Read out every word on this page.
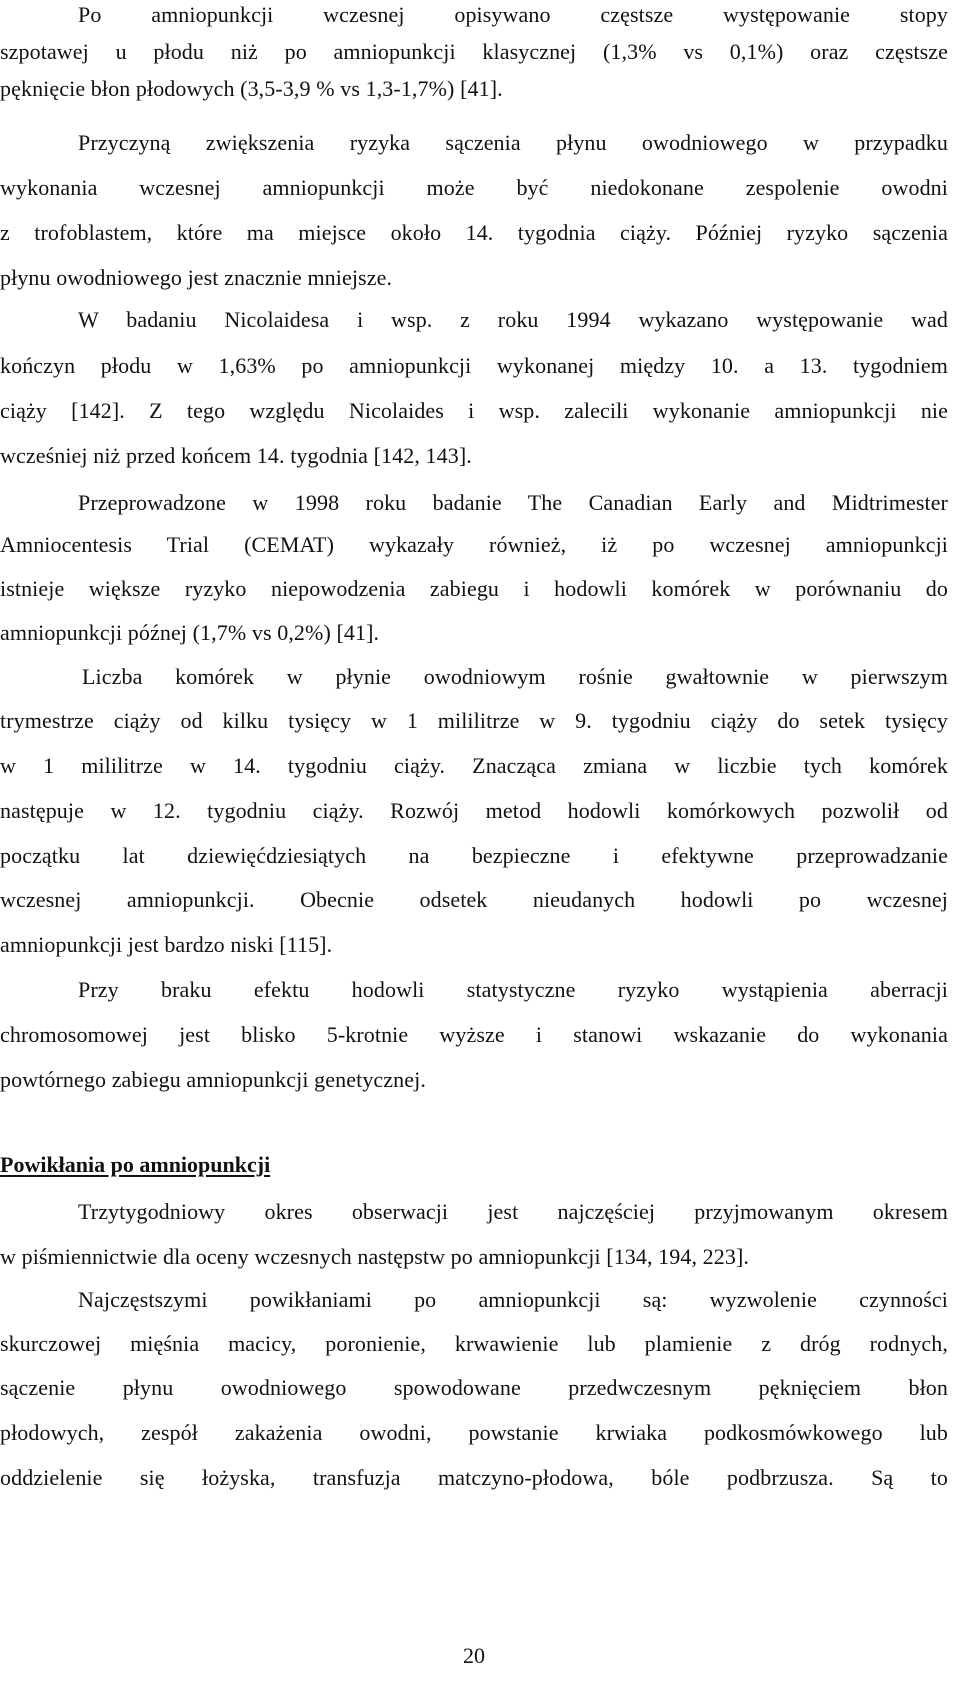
Po amniopunkcji wczesnej opisywano częstsze występowanie stopy
szpotawej u płodu niż po amniopunkcji klasycznej (1,3% vs 0,1%) oraz częstsze
pęknięcie błon płodowych (3,5-3,9 % vs 1,3-1,7%) [41].
Przyczyną zwiększenia ryzyka sączenia płynu owodniowego w przypadku
wykonania wczesnej amniopunkcji może być niedokonane zespolenie owodni
z trofoblastem, które ma miejsce około 14. tygodnia ciąży. Później ryzyko sączenia
płynu owodniowego jest znacznie mniejsze.
W badaniu Nicolaidesa i wsp. z roku 1994 wykazano występowanie wad
kończyn płodu w 1,63% po amniopunkcji wykonanej między 10. a 13. tygodniem
ciąży [142]. Z tego względu Nicolaides i wsp. zalecili wykonanie amniopunkcji nie
wcześniej niż przed końcem 14. tygodnia [142, 143].
Przeprowadzone w 1998 roku badanie The Canadian Early and Midtrimester
Amniocentesis Trial (CEMAT) wykazały również, iż po wczesnej amniopunkcji
istnieje większe ryzyko niepowodzenia zabiegu i hodowli komórek w porównaniu do
amniopunkcji późnej (1,7% vs 0,2%) [41].
Liczba komórek w płynie owodniowym rośnie gwałtownie w pierwszym
trymestrze ciąży od kilku tysięcy w 1 mililitrze w 9. tygodniu ciąży do setek tysięcy
w 1 mililitrze w 14. tygodniu ciąży. Znacząca zmiana w liczbie tych komórek
następuje w 12. tygodniu ciąży. Rozwój metod hodowli komórkowych pozwolił od
początku lat dziewięćdziesiątych na bezpieczne i efektywne przeprowadzanie
wczesnej amniopunkcji. Obecnie odsetek nieudanych hodowli po wczesnej
amniopunkcji jest bardzo niski [115].
Przy braku efektu hodowli statystyczne ryzyko wystąpienia aberracji
chromosomowej jest blisko 5-krotnie wyższe i stanowi wskazanie do wykonania
powtórnego zabiegu amniopunkcji genetycznej.
Powikłania po amniopunkcji
Trzytygodniowy okres obserwacji jest najczęściej przyjmowanym okresem
w piśmiennictwie dla oceny wczesnych następstw po amniopunkcji [134, 194, 223].
Najczęstszymi powikłaniami po amniopunkcji są: wyzwolenie czynności
skurczowej mięśnia macicy, poronienie, krwawienie lub plamienie z dróg rodnych,
sączenie płynu owodniowego spowodowane przedwczesnym pęknięciem błon
płodowych, zespół zakażenia owodni, powstanie krwiaka podkosmówkowego lub
oddzielenie się łożyska, transfuzja matczyno-płodowa, bóle podbrzusza. Są to
20
